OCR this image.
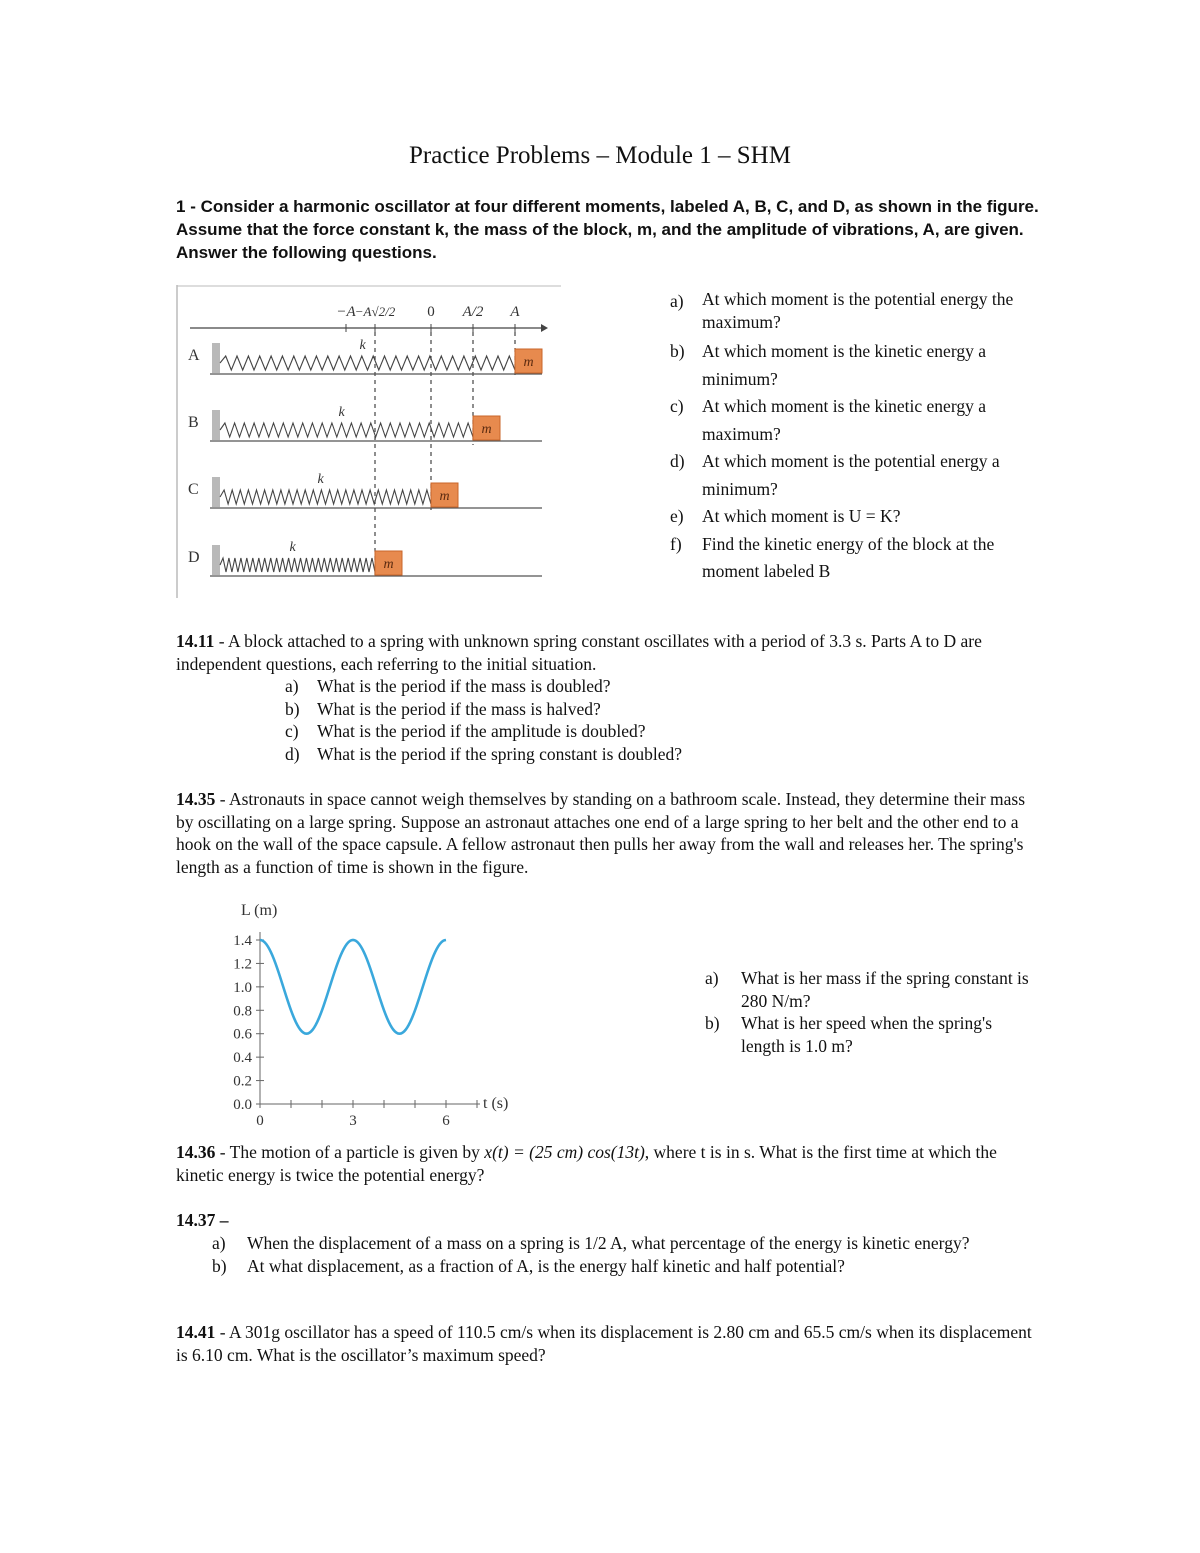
Practice Problems – Module 1 – SHM
1 - Consider a harmonic oscillator at four different moments, labeled A, B, C, and D, as shown in the figure. Assume that the force constant k, the mass of the block, m, and the amplitude of vibrations, A, are given. Answer the following questions.
−A −A√2/2 0 A/2 A
A
k
m
B
k
m
C
k
m
D
k
m
a) At which moment is the potential energy the maximum?
b) At which moment is the kinetic energy a minimum?
c) At which moment is the kinetic energy a maximum?
d) At which moment is the potential energy a minimum?
e) At which moment is U = K?
f) Find the kinetic energy of the block at the moment labeled B
14.11 - A block attached to a spring with unknown spring constant oscillates with a period of 3.3 s. Parts A to D are independent questions, each referring to the initial situation.
a) What is the period if the mass is doubled?
b) What is the period if the mass is halved?
c) What is the period if the amplitude is doubled?
d) What is the period if the spring constant is doubled?
14.35 - Astronauts in space cannot weigh themselves by standing on a bathroom scale. Instead, they determine their mass by oscillating on a large spring. Suppose an astronaut attaches one end of a large spring to her belt and the other end to a hook on the wall of the space capsule. A fellow astronaut then pulls her away from the wall and releases her. The spring's length as a function of time is shown in the figure.
L (m)
t (s)
0.0
0.2
0.4
0.6
0.8
1.0
1.2
1.4
0	3	6
a) What is her mass if the spring constant is 280 N/m?
b) What is her speed when the spring's length is 1.0 m?
14.36 - The motion of a particle is given by x(t) = (25 cm) cos(13t), where t is in s. What is the first time at which the kinetic energy is twice the potential energy?
14.37 –
a) When the displacement of a mass on a spring is 1/2 A, what percentage of the energy is kinetic energy?
b) At what displacement, as a fraction of A, is the energy half kinetic and half potential?
14.41 - A 301g oscillator has a speed of 110.5 cm/s when its displacement is 2.80 cm and 65.5 cm/s when its displacement is 6.10 cm. What is the oscillator’s maximum speed?
